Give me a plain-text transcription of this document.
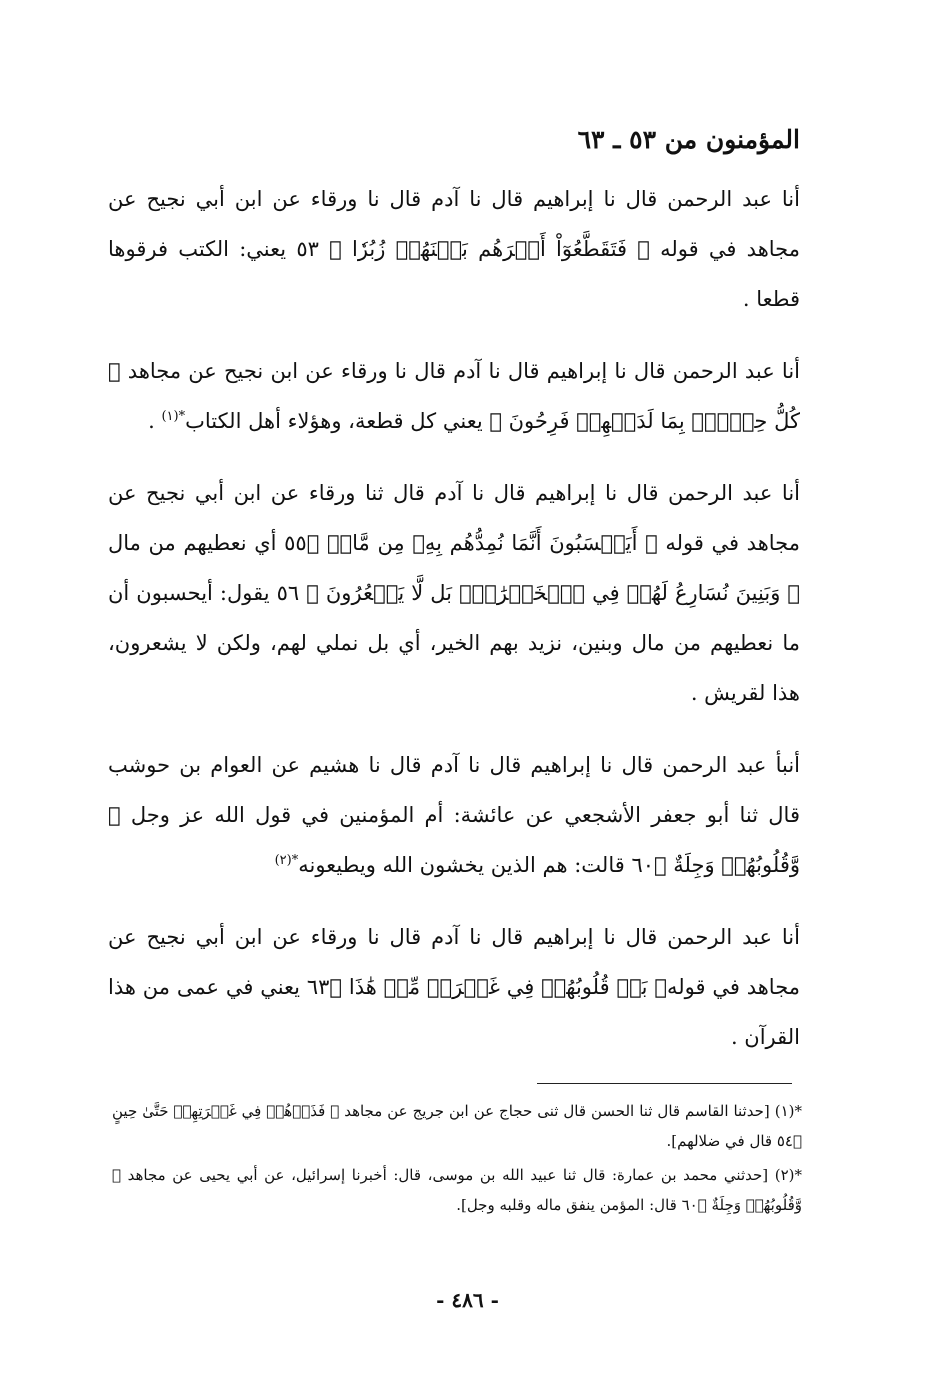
المؤمنون من ٥٣ ـ ٦٣

أنا عبد الرحمن قال نا إبراهيم قال نا آدم قال نا ورقاء عن ابن أبي نجيح عن مجاهد في قوله ﴿ فَتَقَطَّعُوٓاْ أَمۡرَهُم بَيۡنَهُمۡ زُبُرٗا ﴾ ٥٣ يعني: الكتب فرقوها قطعا .

أنا عبد الرحمن قال نا إبراهيم قال نا آدم قال نا ورقاء عن ابن نجيح عن مجاهد ﴿ كُلُّ حِزۡبِۭ بِمَا لَدَيۡهِمۡ فَرِحُونَ ﴾ يعني كل قطعة، وهؤلاء أهل الكتاب$^{*(١)}$ .

أنا عبد الرحمن قال نا إبراهيم قال نا آدم قال ثنا ورقاء عن ابن أبي نجيح عن مجاهد في قوله ﴿ أَيَحۡسَبُونَ أَنَّمَا نُمِدُّهُم بِهِۦ مِن مَّالٖ ﴾٥٥ أي نعطيهم من مال ﴿ وَبَنِينَ نُسَارِعُ لَهُمۡ فِي ٱلۡخَيۡرَٰتِۚ بَل لَّا يَشۡعُرُونَ ﴾ ٥٦ يقول: أيحسبون أن ما نعطيهم من مال وبنين، نزيد بهم الخير، أي بل نملي لهم، ولكن لا يشعرون، هذا لقريش .

أنبأ عبد الرحمن قال نا إبراهيم قال نا آدم قال نا هشيم عن العوام بن حوشب قال ثنا أبو جعفر الأشجعي عن عائشة: أم المؤمنين في قول الله عز وجل ﴿ وَّقُلُوبُهُمۡ وَجِلَةٌ ﴾٦٠ قالت: هم الذين يخشون الله ويطيعونه$^{*(٢)}$

أنا عبد الرحمن قال نا إبراهيم قال نا آدم قال نا ورقاء عن ابن أبي نجيح عن مجاهد في قوله﴿ بَلۡ قُلُوبُهُمۡ فِي غَمۡرَةٖ مِّنۡ هَٰذَا ﴾٦٣ يعني في عمى من هذا القرآن .

*(١) [حدثنا القاسم قال ثنا الحسن قال ثنى حجاج عن ابن جريج عن مجاهد ﴿ فَذَرۡهُمۡ فِي غَمۡرَتِهِمۡ حَتَّىٰ حِينٍ ﴾٥٤ قال في ضلالهم].

*(٢) [حدثني محمد بن عمارة: قال ثنا عبيد الله بن موسى، قال: أخبرنا إسرائيل، عن أبي يحيى عن مجاهد ﴿ وَّقُلُوبُهُمۡ وَجِلَةٌ ﴾٦٠ قال: المؤمن ينفق ماله وقلبه وجل].

- ٤٨٦ -
